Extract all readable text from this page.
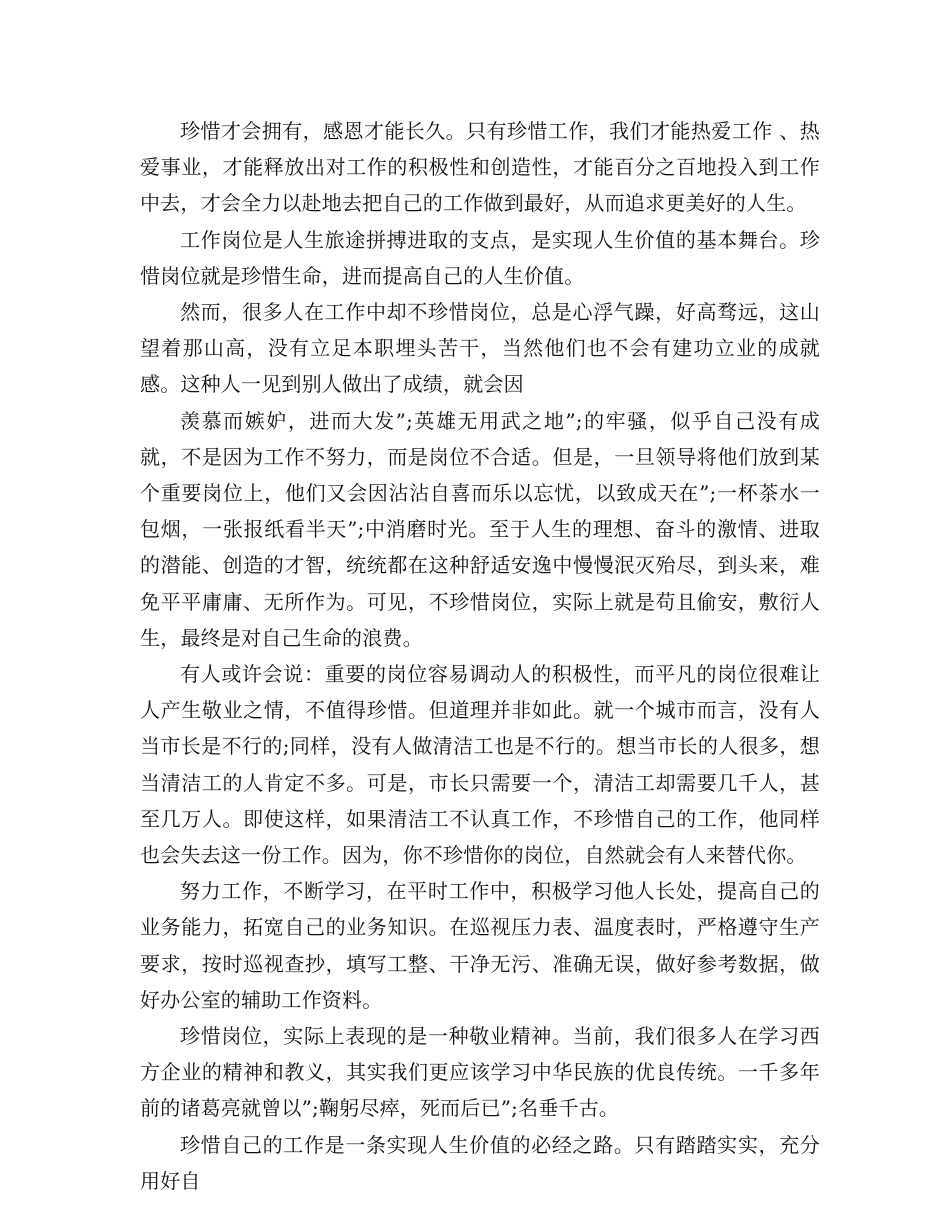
珍惜才会拥有，感恩才能长久。只有珍惜工作，我们才能热爱工作 、热爱事业，才能释放出对工作的积极性和创造性，才能百分之百地投入到工作中去，才会全力以赴地去把自己的工作做到最好，从而追求更美好的人生。

工作岗位是人生旅途拼搏进取的支点，是实现人生价值的基本舞台。珍惜岗位就是珍惜生命，进而提高自己的人生价值。

然而，很多人在工作中却不珍惜岗位，总是心浮气躁，好高骛远，这山望着那山高，没有立足本职埋头苦干，当然他们也不会有建功立业的成就感。这种人一见到别人做出了成绩，就会因

羡慕而嫉妒，进而大发”;英雄无用武之地”;的牢骚，似乎自己没有成就，不是因为工作不努力，而是岗位不合适。但是，一旦领导将他们放到某个重要岗位上，他们又会因沾沾自喜而乐以忘忧，以致成天在”;一杯茶水一包烟，一张报纸看半天”;中消磨时光。至于人生的理想、奋斗的激情、进取的潜能、创造的才智，统统都在这种舒适安逸中慢慢泯灭殆尽，到头来，难免平平庸庸、无所作为。可见，不珍惜岗位，实际上就是苟且偷安，敷衍人生，最终是对自己生命的浪费。

有人或许会说：重要的岗位容易调动人的积极性，而平凡的岗位很难让人产生敬业之情，不值得珍惜。但道理并非如此。就一个城市而言，没有人当市长是不行的;同样，没有人做清洁工也是不行的。想当市长的人很多，想当清洁工的人肯定不多。可是，市长只需要一个，清洁工却需要几千人，甚至几万人。即使这样，如果清洁工不认真工作，不珍惜自己的工作，他同样也会失去这一份工作。因为，你不珍惜你的岗位，自然就会有人来替代你。

努力工作，不断学习，在平时工作中，积极学习他人长处，提高自己的业务能力，拓宽自己的业务知识。在巡视压力表、温度表时，严格遵守生产要求，按时巡视查抄，填写工整、干净无污、准确无误，做好参考数据，做好办公室的辅助工作资料。

珍惜岗位，实际上表现的是一种敬业精神。当前，我们很多人在学习西方企业的精神和教义，其实我们更应该学习中华民族的优良传统。一千多年前的诸葛亮就曾以”;鞠躬尽瘁，死而后已”;名垂千古。

珍惜自己的工作是一条实现人生价值的必经之路。只有踏踏实实，充分用好自
